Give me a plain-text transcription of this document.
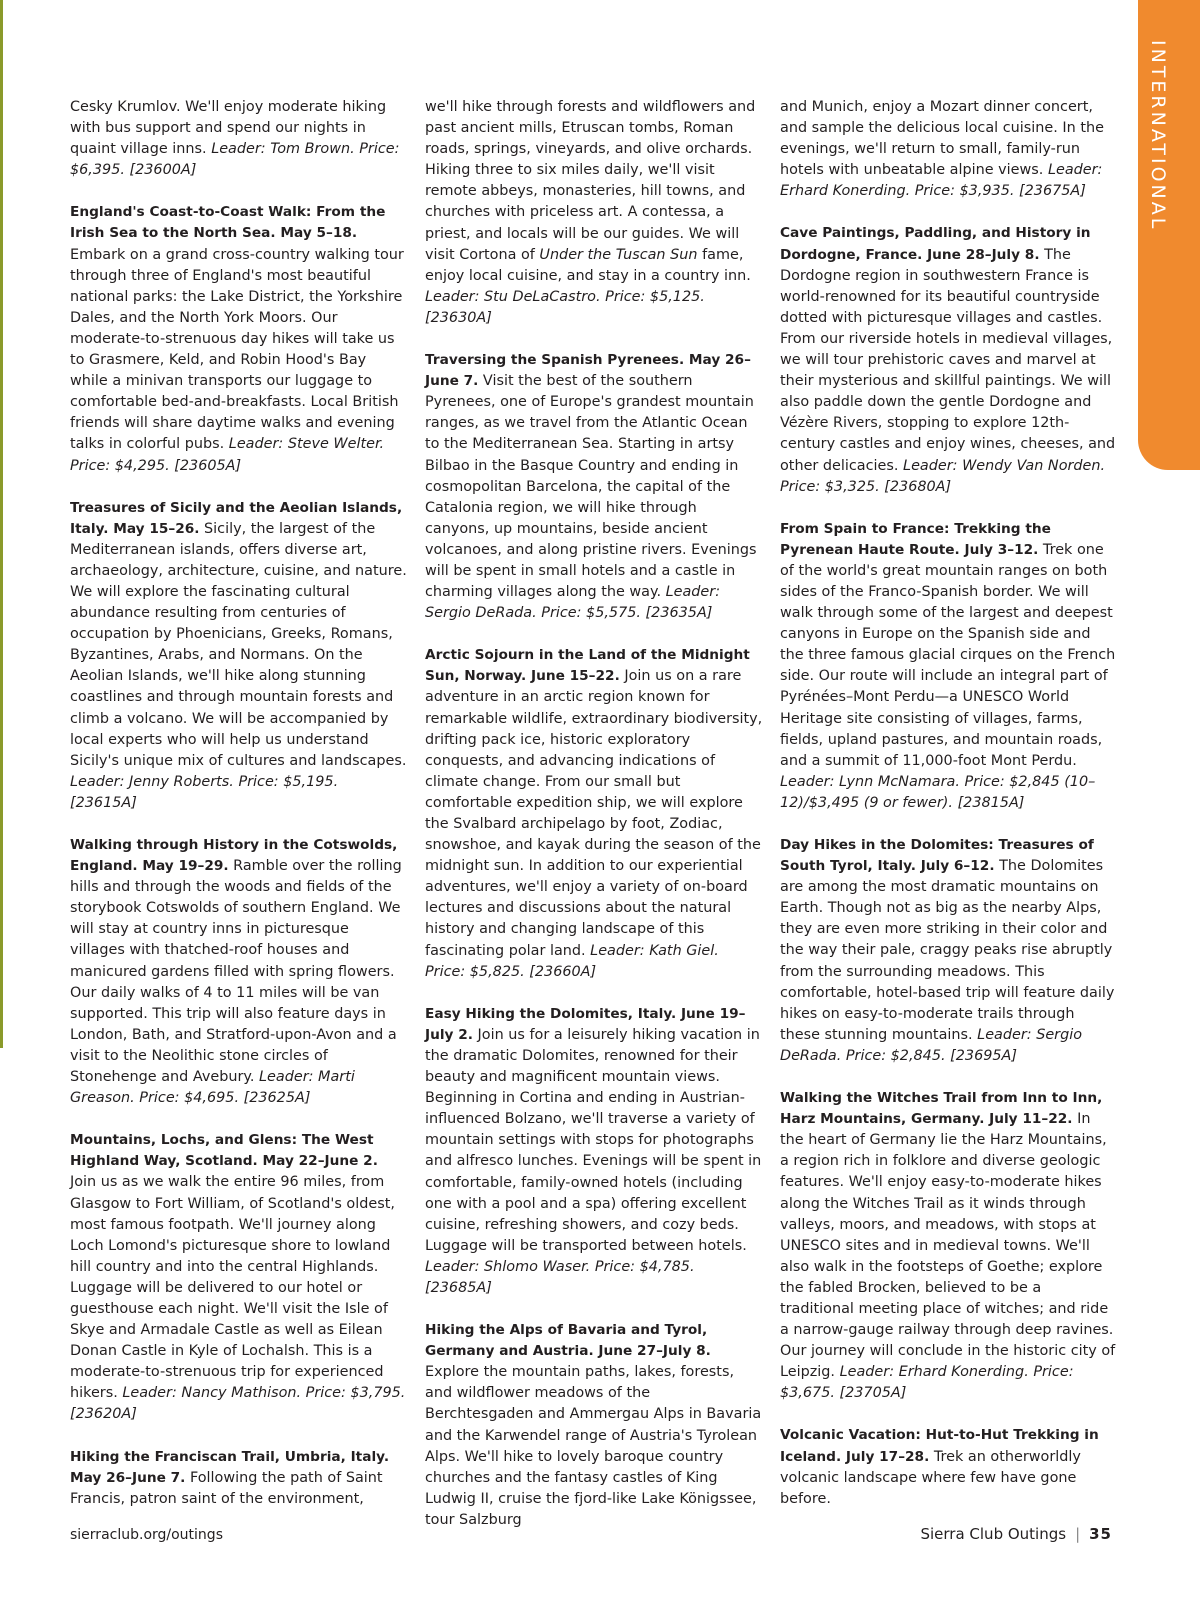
INTERNATIONAL

Cesky Krumlov. We'll enjoy moderate hiking with bus support and spend our nights in quaint village inns. Leader: Tom Brown. Price: $6,395. [23600A]

England's Coast-to-Coast Walk: From the Irish Sea to the North Sea. May 5–18. Embark on a grand cross-country walking tour through three of England's most beautiful national parks: the Lake District, the Yorkshire Dales, and the North York Moors. Our moderate-to-strenuous day hikes will take us to Grasmere, Keld, and Robin Hood's Bay while a minivan transports our luggage to comfortable bed-and-breakfasts. Local British friends will share daytime walks and evening talks in colorful pubs. Leader: Steve Welter. Price: $4,295. [23605A]

Treasures of Sicily and the Aeolian Islands, Italy. May 15–26. Sicily, the largest of the Mediterranean islands, offers diverse art, archaeology, architecture, cuisine, and nature. We will explore the fascinating cultural abundance resulting from centuries of occupation by Phoenicians, Greeks, Romans, Byzantines, Arabs, and Normans. On the Aeolian Islands, we'll hike along stunning coastlines and through mountain forests and climb a volcano. We will be accompanied by local experts who will help us understand Sicily's unique mix of cultures and landscapes. Leader: Jenny Roberts. Price: $5,195. [23615A]

Walking through History in the Cotswolds, England. May 19–29. Ramble over the rolling hills and through the woods and fields of the storybook Cotswolds of southern England. We will stay at country inns in picturesque villages with thatched-roof houses and manicured gardens filled with spring flowers. Our daily walks of 4 to 11 miles will be van supported. This trip will also feature days in London, Bath, and Stratford-upon-Avon and a visit to the Neolithic stone circles of Stonehenge and Avebury. Leader: Marti Greason. Price: $4,695. [23625A]

Mountains, Lochs, and Glens: The West Highland Way, Scotland. May 22–June 2. Join us as we walk the entire 96 miles, from Glasgow to Fort William, of Scotland's oldest, most famous footpath. We'll journey along Loch Lomond's picturesque shore to lowland hill country and into the central Highlands. Luggage will be delivered to our hotel or guesthouse each night. We'll visit the Isle of Skye and Armadale Castle as well as Eilean Donan Castle in Kyle of Lochalsh. This is a moderate-to-strenuous trip for experienced hikers. Leader: Nancy Mathison. Price: $3,795. [23620A]

Hiking the Franciscan Trail, Umbria, Italy. May 26–June 7. Following the path of Saint Francis, patron saint of the environment,

we'll hike through forests and wildflowers and past ancient mills, Etruscan tombs, Roman roads, springs, vineyards, and olive orchards. Hiking three to six miles daily, we'll visit remote abbeys, monasteries, hill towns, and churches with priceless art. A contessa, a priest, and locals will be our guides. We will visit Cortona of Under the Tuscan Sun fame, enjoy local cuisine, and stay in a country inn. Leader: Stu DeLaCastro. Price: $5,125. [23630A]

Traversing the Spanish Pyrenees. May 26–June 7. Visit the best of the southern Pyrenees, one of Europe's grandest mountain ranges, as we travel from the Atlantic Ocean to the Mediterranean Sea. Starting in artsy Bilbao in the Basque Country and ending in cosmopolitan Barcelona, the capital of the Catalonia region, we will hike through canyons, up mountains, beside ancient volcanoes, and along pristine rivers. Evenings will be spent in small hotels and a castle in charming villages along the way. Leader: Sergio DeRada. Price: $5,575. [23635A]

Arctic Sojourn in the Land of the Midnight Sun, Norway. June 15–22. Join us on a rare adventure in an arctic region known for remarkable wildlife, extraordinary biodiversity, drifting pack ice, historic exploratory conquests, and advancing indications of climate change. From our small but comfortable expedition ship, we will explore the Svalbard archipelago by foot, Zodiac, snowshoe, and kayak during the season of the midnight sun. In addition to our experiential adventures, we'll enjoy a variety of on-board lectures and discussions about the natural history and changing landscape of this fascinating polar land. Leader: Kath Giel. Price: $5,825. [23660A]

Easy Hiking the Dolomites, Italy. June 19–July 2. Join us for a leisurely hiking vacation in the dramatic Dolomites, renowned for their beauty and magnificent mountain views. Beginning in Cortina and ending in Austrian-influenced Bolzano, we'll traverse a variety of mountain settings with stops for photographs and alfresco lunches. Evenings will be spent in comfortable, family-owned hotels (including one with a pool and a spa) offering excellent cuisine, refreshing showers, and cozy beds. Luggage will be transported between hotels. Leader: Shlomo Waser. Price: $4,785. [23685A]

Hiking the Alps of Bavaria and Tyrol, Germany and Austria. June 27–July 8. Explore the mountain paths, lakes, forests, and wildflower meadows of the Berchtesgaden and Ammergau Alps in Bavaria and the Karwendel range of Austria's Tyrolean Alps. We'll hike to lovely baroque country churches and the fantasy castles of King Ludwig II, cruise the fjord-like Lake Königssee, tour Salzburg

and Munich, enjoy a Mozart dinner concert, and sample the delicious local cuisine. In the evenings, we'll return to small, family-run hotels with unbeatable alpine views. Leader: Erhard Konerding. Price: $3,935. [23675A]

Cave Paintings, Paddling, and History in Dordogne, France. June 28–July 8. The Dordogne region in southwestern France is world-renowned for its beautiful countryside dotted with picturesque villages and castles. From our riverside hotels in medieval villages, we will tour prehistoric caves and marvel at their mysterious and skillful paintings. We will also paddle down the gentle Dordogne and Vézère Rivers, stopping to explore 12th-century castles and enjoy wines, cheeses, and other delicacies. Leader: Wendy Van Norden. Price: $3,325. [23680A]

From Spain to France: Trekking the Pyrenean Haute Route. July 3–12. Trek one of the world's great mountain ranges on both sides of the Franco-Spanish border. We will walk through some of the largest and deepest canyons in Europe on the Spanish side and the three famous glacial cirques on the French side. Our route will include an integral part of Pyrénées–Mont Perdu—a UNESCO World Heritage site consisting of villages, farms, fields, upland pastures, and mountain roads, and a summit of 11,000-foot Mont Perdu. Leader: Lynn McNamara. Price: $2,845 (10–12)/$3,495 (9 or fewer). [23815A]

Day Hikes in the Dolomites: Treasures of South Tyrol, Italy. July 6–12. The Dolomites are among the most dramatic mountains on Earth. Though not as big as the nearby Alps, they are even more striking in their color and the way their pale, craggy peaks rise abruptly from the surrounding meadows. This comfortable, hotel-based trip will feature daily hikes on easy-to-moderate trails through these stunning mountains. Leader: Sergio DeRada. Price: $2,845. [23695A]

Walking the Witches Trail from Inn to Inn, Harz Mountains, Germany. July 11–22. In the heart of Germany lie the Harz Mountains, a region rich in folklore and diverse geologic features. We'll enjoy easy-to-moderate hikes along the Witches Trail as it winds through valleys, moors, and meadows, with stops at UNESCO sites and in medieval towns. We'll also walk in the footsteps of Goethe; explore the fabled Brocken, believed to be a traditional meeting place of witches; and ride a narrow-gauge railway through deep ravines. Our journey will conclude in the historic city of Leipzig. Leader: Erhard Konerding. Price: $3,675. [23705A]

Volcanic Vacation: Hut-to-Hut Trekking in Iceland. July 17–28. Trek an otherworldly volcanic landscape where few have gone before.

sierraclub.org/outings	Sierra Club Outings | 35
